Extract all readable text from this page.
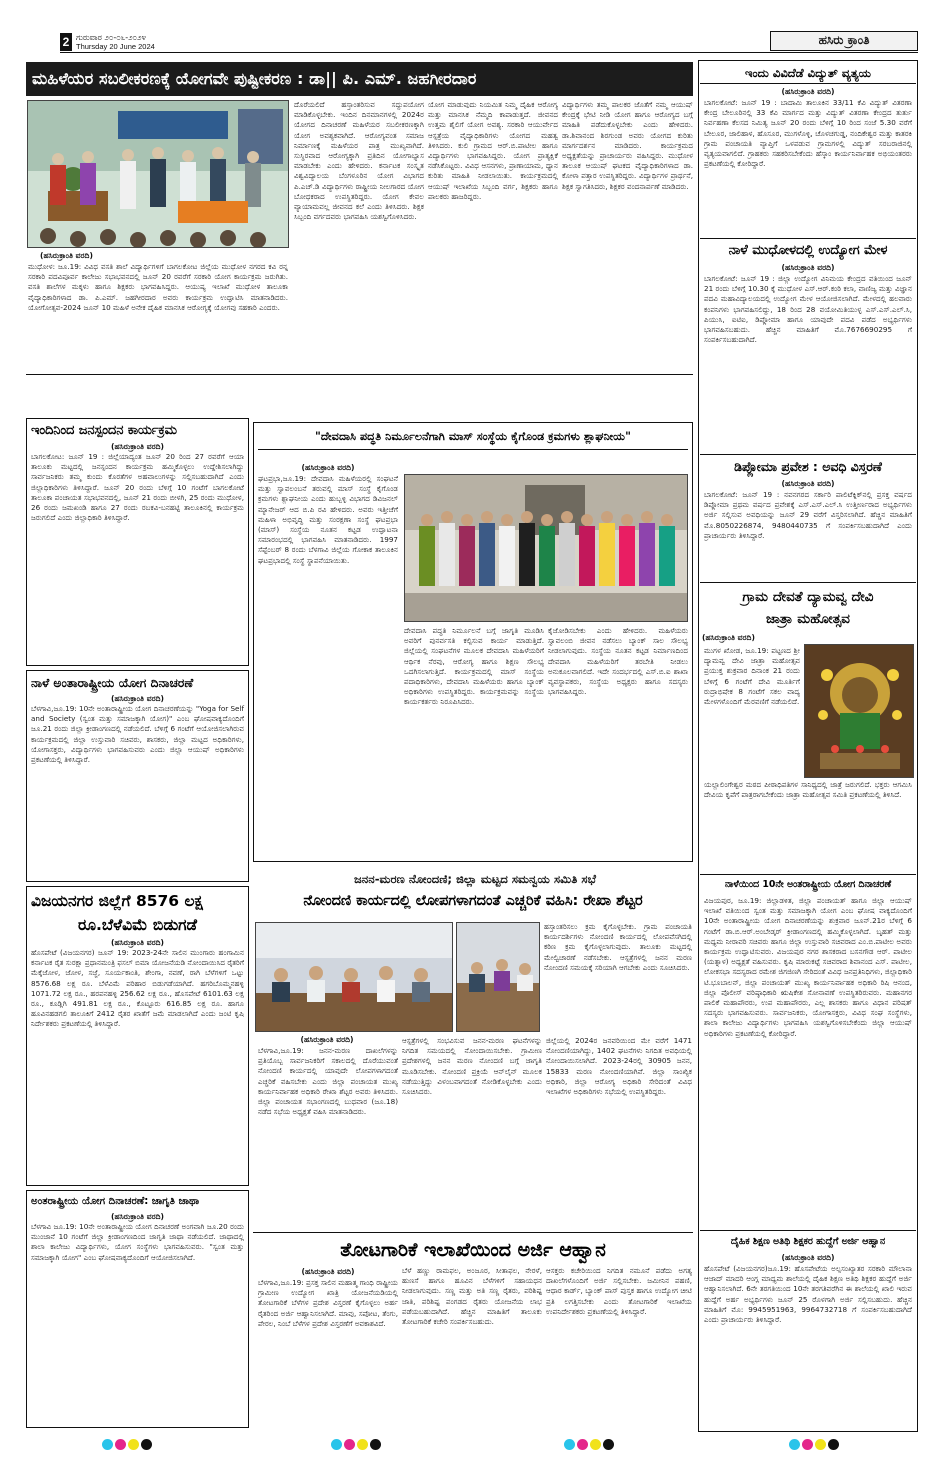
2 ಗುರುವಾರ ೨೦-೦೬-೨೦೨೪
Thursday 20 June 2024	ಹಸಿರು ಕ್ರಾಂತಿ
ಮಹಿಳೆಯರ ಸಬಲೀಕರಣಕ್ಕೆ ಯೋಗವೇ ಪುಷ್ಟೀಕರಣ : ಡಾ|| ಪಿ. ಎಮ್. ಜಹಗೀರದಾರ
(ಹಸಿರುಕ್ರಾಂತಿ ವರದಿ)
ಮುಧೋಳ: ಜೂ.19: ವಿವಿಧ ವಸತಿ ಶಾಲೆ ವಿದ್ಯಾರ್ಥಿಗಳಿಗೆ ಬಾಗಲಕೋಟ ಜಿಲ್ಲೆಯ ಮುಧೋಳ ನಗರದ ಕವಿ ರನ್ನ ಸರಕಾರಿ ಪದವಿಪೂರ್ವ ಕಾಲೇಜು ಸಭಾಭವನದಲ್ಲಿ ಜೂನ್ 20 ರವರೆಗೆ ಸರಕಾರಿ ಯೋಗ ಕಾರ್ಯಕ್ರಮ ಜರುಗಿತು. ವಸತಿ ಶಾಲೆಗಳ ಮಕ್ಕಳು ಹಾಗೂ ಶಿಕ್ಷಕರು ಭಾಗವಹಿಸಿದ್ದರು. ಆಯುಷ್ಯ ಇಲಾಖೆ ಮುಧೋಳ ತಾಲೂಕಾ ವೈದ್ಯಾಧಿಕಾರಿಗಳಾದ ಡಾ. ಪಿ.ಎಮ್. ಜಹಗೀರದಾರ ಅವರು ಕಾರ್ಯಕ್ರಮ ಉದ್ಘಾಟಿಸಿ ಮಾತನಾಡಿದರು. ಯೋಗೋತ್ಸವ-2024 ಜೂನ್ 10 ಮಹಿಳೆ ಅನೇಕ ದೈಹಿಕ ಮಾನಸಿಕ ಆರೋಗ್ಯಕ್ಕೆ ಯೋಗವು ಸಹಕಾರಿ ಎಂದರು.
ದೊರೆಯಲಿದೆ ಹಸ್ತಾಂತರಿಸುವ ಸದ್ದುಪಯೋಗ ಮಾಡಿಕೊಳ್ಳಬೇಕು. ಇಂದಿನ ದಿನಮಾನಗಳಲ್ಲಿ 2024ರ ಯೋಗದ ದಿನಾಚರಣೆ ಮಹಿಳೆಯರ ಸಬಲೀಕರಣಕ್ಕಾಗಿ ಯೋಗ ಅವಶ್ಯಕವಾಗಿದೆ. ಆರೋಗ್ಯವಂತ ಸಮಾಜ ನಿರ್ಮಾಣಕ್ಕೆ ಮಹಿಳೆಯರ ಪಾತ್ರ ಮುಖ್ಯವಾಗಿದೆ. ಸುಸ್ಥಿರವಾದ ಆರೋಗ್ಯಕ್ಕಾಗಿ ಪ್ರತಿದಿನ ಯೋಗಾಭ್ಯಾಸ ಮಾಡಬೇಕು ಎಂದು ಹೇಳಿದರು. ಕರ್ನಾಟಕ ಸಂಸ್ಕೃತ ವಿಶ್ವವಿದ್ಯಾಲಯ ಬೆಂಗಳೂರಿನ ಯೋಗ ವಿಭಾಗದ ಪಿ.ಎಚ್.ಡಿ ವಿದ್ಯಾರ್ಥಿಗಳು ರಾಷ್ಟ್ರೀಯ ನೀಲಗಾರದ ಯೋಗ ಬೋಧಕರಾದ ಉಪಸ್ಥಿತರಿದ್ದರು. ಯೋಗ ಕೇವಲ ವ್ಯಾಯಾಮವಲ್ಲ ಜೀವನದ ಕಲೆ ಎಂದು ತಿಳಿಸಿದರು. ಶಿಕ್ಷಕ ಸಿಬ್ಬಂದಿ ವರ್ಗದವರು ಭಾಗವಹಿಸಿ ಯಶಸ್ವಿಗೊಳಿಸಿದರು.
ಯೋಗ ಮಾಡುವುದು ನಿಯಮಿತ ನಿಮ್ಮ ದೈಹಿಕ ಆರೋಗ್ಯ ಮತ್ತು ಮಾನಸಿಕ ನೆಮ್ಮದಿ ಕಾಪಾಡುತ್ತದೆ. ಜೀವನದ ಉತ್ತಮ ಶೈಲಿಗೆ ಯೋಗ ಅವಶ್ಯ. ಸರಕಾರಿ ಆಯುರ್ವೇದ ಆಸ್ಪತ್ರೆಯ ವೈದ್ಯಾಧಿಕಾರಿಗಳು ಯೋಗದ ಮಹತ್ವ ತಿಳಿಸಿದರು. ಕುಲಿ ಗ್ರಾಮದ ಆರ್.ಬಿ.ಪಾಟೀಲ ಹಾಗೂ ವಿದ್ಯಾರ್ಥಿಗಳು ಭಾಗವಹಿಸಿದ್ದರು. ಯೋಗ ಪ್ರಾತ್ಯಕ್ಷಿಕೆ ನಡೆಸಿಕೊಟ್ಟರು. ವಿವಿಧ ಆಸನಗಳು, ಪ್ರಾಣಾಯಾಮ, ಧ್ಯಾನ ಕುರಿತು ಮಾಹಿತಿ ನೀಡಲಾಯಿತು. ಕಾರ್ಯಕ್ರಮದಲ್ಲಿ ಆಯುಷ್ ಇಲಾಖೆಯ ಸಿಬ್ಬಂದಿ ವರ್ಗ, ಶಿಕ್ಷಕರು ಹಾಗೂ ಪಾಲಕರು ಹಾಜರಿದ್ದರು.
ವಿದ್ಯಾರ್ಥಿಗಳು ತಮ್ಮ ಪಾಲಕರ ಜೊತೆಗೆ ನಮ್ಮ ಆಯುಷ್ ಕೇಂದ್ರಕ್ಕೆ ಭೇಟಿ ನೀಡಿ ಯೋಗ ಹಾಗೂ ಆರೋಗ್ಯದ ಬಗ್ಗೆ ಮಾಹಿತಿ ಪಡೆದುಕೊಳ್ಳಬೇಕು ಎಂದು ಹೇಳಿದರು. ಡಾ.ಶಿವಾನಂದ ಶಿರಗುಂಡ ಅವರು ಯೋಗದ ಕುರಿತು ಮಾರ್ಗದರ್ಶನ ಮಾಡಿದರು. ಕಾರ್ಯಕ್ರಮದ ಅಧ್ಯಕ್ಷತೆಯನ್ನು ಪ್ರಾಚಾರ್ಯರು ವಹಿಸಿದ್ದರು. ಮುಧೋಳ ತಾಲೂಕ ಆಯುಷ್ ಘಟಕದ ವೈದ್ಯಾಧಿಕಾರಿಗಳಾದ ಡಾ. ಕೋಳಾ ಪತ್ತಾರ ಉಪಸ್ಥಿತರಿದ್ದರು. ವಿದ್ಯಾರ್ಥಿಗಳ ಪ್ರಾರ್ಥನೆ, ಶಿಕ್ಷಕ ಸ್ವಾಗತಿಸಿದರು, ಶಿಕ್ಷಕರ ವಂದನಾರ್ಪಣೆ ಮಾಡಿದರು.
ಇಂದಿನಿಂದ ಜನಸ್ಪಂದನ ಕಾರ್ಯಕ್ರಮ
(ಹಸಿರುಕ್ರಾಂತಿ ವರದಿ)
ಬಾಗಲಕೋಟ: ಜೂನ್ 19 : ಜಿಲ್ಲೆಯಾದ್ಯಂತ ಜೂನ್ 20 ರಿಂದ 27 ರವರೆಗೆ ಆಯಾ ತಾಲೂಕು ಮಟ್ಟದಲ್ಲಿ ಜನಸ್ಪಂದನ ಕಾರ್ಯಕ್ರಮ ಹಮ್ಮಿಕೊಳ್ಳಲು ಉದ್ದೇಶಿಸಲಾಗಿದ್ದು ಸಾರ್ವಜನಿಕರು ತಮ್ಮ ಕುಂದು ಕೊರತೆಗಳ ಅಹವಾಲುಗಳನ್ನು ಸಲ್ಲಿಸಬಹುದಾಗಿದೆ ಎಂದು ಜಿಲ್ಲಾಧಿಕಾರಿಗಳು ತಿಳಿಸಿದ್ದಾರೆ. ಜೂನ್ 20 ರಂದು ಬೆಳಿಗ್ಗೆ 10 ಗಂಟೆಗೆ ಬಾಗಲಕೋಟೆ ತಾಲೂಕಾ ಪಂಚಾಯತ ಸಭಾಭವನದಲ್ಲಿ, ಜೂನ್ 21 ರಂದು ಬೀಳಗಿ, 25 ರಂದು ಮುಧೋಳ, 26 ರಂದು ಜಮಖಂಡಿ ಹಾಗೂ 27 ರಂದು ರಬಕವಿ-ಬನಹಟ್ಟಿ ತಾಲೂಕಿನಲ್ಲಿ ಕಾರ್ಯಕ್ರಮ ಜರುಗಲಿದೆ ಎಂದು ಜಿಲ್ಲಾಧಿಕಾರಿ ತಿಳಿಸಿದ್ದಾರೆ.
ನಾಳೆ ಅಂತಾರಾಷ್ಟ್ರೀಯ ಯೋಗ ದಿನಾಚರಣೆ
(ಹಸಿರುಕ್ರಾಂತಿ ವರದಿ)
ಬೆಳಗಾವಿ,ಜೂ.19: 10ನೇ ಅಂತಾರಾಷ್ಟ್ರೀಯ ಯೋಗ ದಿನಾಚರಣೆಯನ್ನು "Yoga for Self and Society (ಸ್ವಂತ ಮತ್ತು ಸಮಾಜಕ್ಕಾಗಿ ಯೋಗ)" ಎಂಬ ಘೋಷವಾಕ್ಯದೊಂದಿಗೆ ಜೂ.21 ರಂದು ಜಿಲ್ಲಾ ಕ್ರೀಡಾಂಗಣದಲ್ಲಿ ನಡೆಯಲಿದೆ. ಬೆಳಿಗ್ಗೆ 6 ಗಂಟೆಗೆ ಆಯೋಜಿಸಲಾಗಿರುವ ಕಾರ್ಯಕ್ರಮದಲ್ಲಿ ಜಿಲ್ಲಾ ಉಸ್ತುವಾರಿ ಸಚಿವರು, ಶಾಸಕರು, ಜಿಲ್ಲಾ ಮಟ್ಟದ ಅಧಿಕಾರಿಗಳು, ಯೋಗಾಸಕ್ತರು, ವಿದ್ಯಾರ್ಥಿಗಳು ಭಾಗವಹಿಸುವರು ಎಂದು ಜಿಲ್ಲಾ ಆಯುಷ್ ಅಧಿಕಾರಿಗಳು ಪ್ರಕಟಣೆಯಲ್ಲಿ ತಿಳಿಸಿದ್ದಾರೆ.
ವಿಜಯನಗರ ಜಿಲ್ಲೆಗೆ 8576 ಲಕ್ಷ
ರೂ.ಬೆಳೆವಿಮೆ ಬಿಡುಗಡೆ
(ಹಸಿರುಕ್ರಾಂತಿ ವರದಿ)
ಹೊಸಪೇಟೆ (ವಿಜಯನಗರ) ಜೂನ್ 19: 2023-24ನೇ ಸಾಲಿನ ಮುಂಗಾರು ಹಂಗಾಮಿನ ಕರ್ನಾಟಕ ರೈತ ಸುರಕ್ಷಾ ಪ್ರಧಾನಮಂತ್ರಿ ಫಸಲ್ ಬಿಮಾ ಯೋಜನೆಯಡಿ ನೋಂದಾಯಿಸಿದ ರೈತರಿಗೆ ಮೆಕ್ಕೆಜೋಳ, ಜೋಳ, ಸಜ್ಜೆ, ಸೂರ್ಯಕಾಂತಿ, ಶೇಂಗಾ, ನವಣೆ, ರಾಗಿ ಬೆಳೆಗಳಿಗೆ ಒಟ್ಟು 8576.68 ಲಕ್ಷ ರೂ. ಬೆಳೆವಿಮೆ ಪರಿಹಾರ ಬಿಡುಗಡೆಯಾಗಿದೆ. ಹಗರಿಬೊಮ್ಮನಹಳ್ಳಿ 1071.72 ಲಕ್ಷ ರೂ., ಹರಪನಹಳ್ಳಿ 256.62 ಲಕ್ಷ ರೂ., ಹೊಸಪೇಟೆ 6101.63 ಲಕ್ಷ ರೂ., ಕೂಡ್ಲಿಗಿ 491.81 ಲಕ್ಷ ರೂ., ಕೊಟ್ಟೂರು 616.85 ಲಕ್ಷ ರೂ. ಹಾಗೂ ಹೂವಿನಹಡಗಲಿ ತಾಲೂಕಿಗೆ 2412 ರೈತರ ಖಾತೆಗೆ ಜಮೆ ಮಾಡಲಾಗಿದೆ ಎಂದು ಜಂಟಿ ಕೃಷಿ ನಿರ್ದೇಶಕರು ಪ್ರಕಟಣೆಯಲ್ಲಿ ತಿಳಿಸಿದ್ದಾರೆ.
ಅಂತರಾಷ್ಟ್ರೀಯ ಯೋಗ ದಿನಾಚರಣೆ: ಜಾಗೃತಿ ಜಾಥಾ
(ಹಸಿರುಕ್ರಾಂತಿ ವರದಿ)
ಬೆಳಗಾವಿ ಜೂ.19: 10ನೇ ಅಂತಾರಾಷ್ಟ್ರೀಯ ಯೋಗ ದಿನಾಚರಣೆ ಅಂಗವಾಗಿ ಜೂ.20 ರಂದು ಮುಂಜಾನೆ 10 ಗಂಟೆಗೆ ಜಿಲ್ಲಾ ಕ್ರೀಡಾಂಗಣದಿಂದ ಜಾಗೃತಿ ಜಾಥಾ ನಡೆಯಲಿದೆ. ಜಾಥಾದಲ್ಲಿ ಶಾಲಾ ಕಾಲೇಜು ವಿದ್ಯಾರ್ಥಿಗಳು, ಯೋಗ ಸಂಸ್ಥೆಗಳು ಭಾಗವಹಿಸುವರು. "ಸ್ವಂತ ಮತ್ತು ಸಮಾಜಕ್ಕಾಗಿ ಯೋಗ" ಎಂಬ ಘೋಷವಾಕ್ಯದೊಂದಿಗೆ ಆಯೋಜಿಸಲಾಗಿದೆ.
"ದೇವದಾಸಿ ಪದ್ಧತಿ ನಿರ್ಮೂಲನೆಗಾಗಿ ಮಾಸ್ ಸಂಸ್ಥೆಯ ಕೈಗೊಂಡ ಕ್ರಮಗಳು ಶ್ಲಾಘನೀಯ"
(ಹಸಿರುಕ್ರಾಂತಿ ವರದಿ)
ಘಟಪ್ರಭಾ,ಜೂ.19: ದೇವದಾಸಿ ಮಹಿಳೆಯರಲ್ಲಿ ಸಂಘಟನೆ ಮತ್ತು ಸ್ವಾವಲಂಬನೆ ತರುವಲ್ಲಿ ಮಾಸ್ ಸಂಸ್ಥೆ ಕೈಗೊಂಡ ಕ್ರಮಗಳು ಶ್ಲಾಘನೀಯ ಎಂದು ಹುಬ್ಬಳ್ಳಿ ವಿಭಾಗದ ಡಿವಿಜನಲ್ ಮ್ಯಾನೇಜರ್ ಆದ ಬಿ.ಪಿ ರವಿ ಹೇಳಿದರು. ಅವರು ಇತ್ತೀಚೆಗೆ ಮಹಿಳಾ ಅಭಿವೃದ್ಧಿ ಮತ್ತು ಸಂರಕ್ಷಣಾ ಸಂಸ್ಥೆ ಘಟಪ್ರಭಾ (ಮಾಸ್) ಸಂಸ್ಥೆಯ ನೂತನ ಕಟ್ಟಡ ಉದ್ಘಾಟನಾ ಸಮಾರಂಭದಲ್ಲಿ ಭಾಗವಹಿಸಿ ಮಾತನಾಡಿದರು. 1997 ಸೆಪ್ಟೆಂಬರ್ 8 ರಂದು ಬೆಳಗಾವಿ ಜಿಲ್ಲೆಯ ಗೋಕಾಕ ತಾಲೂಕಿನ ಘಟಪ್ರಭಾದಲ್ಲಿ ಸಂಸ್ಥೆ ಸ್ಥಾಪನೆಯಾಯಿತು.
ದೇವದಾಸಿ ಪದ್ಧತಿ ನಿರ್ಮೂಲನೆ ಬಗ್ಗೆ ಜಾಗೃತಿ ಮೂಡಿಸಿ ಅವರಿಗೆ ಪುನರ್ವಸತಿ ಕಲ್ಪಿಸುವ ಕಾರ್ಯ ಮಾಡುತ್ತಿದೆ. ಜಿಲ್ಲೆಯಲ್ಲಿ ಸಂಘಟನೆಗಳ ಮೂಲಕ ದೇವದಾಸಿ ಮಹಿಳೆಯರಿಗೆ ಆರ್ಥಿಕ ನೆರವು, ಆರೋಗ್ಯ ಹಾಗೂ ಶಿಕ್ಷಣ ಸೌಲಭ್ಯ ಒದಗಿಸಲಾಗುತ್ತಿದೆ. ಕಾರ್ಯಕ್ರಮದಲ್ಲಿ ಮಾಸ್ ಸಂಸ್ಥೆಯ ಪದಾಧಿಕಾರಿಗಳು, ದೇವದಾಸಿ ಮಹಿಳೆಯರು ಹಾಗೂ ಬ್ಯಾಂಕ್ ಅಧಿಕಾರಿಗಳು ಉಪಸ್ಥಿತರಿದ್ದರು. ಕಾರ್ಯಕ್ರಮವನ್ನು ಸಂಸ್ಥೆಯ ಕಾರ್ಯಕರ್ತರು ನಿರೂಪಿಸಿದರು.
ಕೈಜೋಡಿಸಬೇಕು ಎಂದು ಹೇಳಿದರು. ಮಹಿಳೆಯರು ಸ್ವಾವಲಂಬಿ ಜೀವನ ನಡೆಸಲು ಬ್ಯಾಂಕ್ ಸಾಲ ಸೌಲಭ್ಯ ನೀಡಲಾಗುವುದು. ಸಂಸ್ಥೆಯ ನೂತನ ಕಟ್ಟಡ ನಿರ್ಮಾಣದಿಂದ ದೇವದಾಸಿ ಮಹಿಳೆಯರಿಗೆ ತರಬೇತಿ ನೀಡಲು ಅನುಕೂಲವಾಗಲಿದೆ. ಇದೇ ಸಂದರ್ಭದಲ್ಲಿ ಎಸ್.ಬಿ.ಐ ಶಾಖಾ ವ್ಯವಸ್ಥಾಪಕರು, ಸಂಸ್ಥೆಯ ಅಧ್ಯಕ್ಷರು ಹಾಗೂ ಸದಸ್ಯರು ಭಾಗವಹಿಸಿದ್ದರು.
ಜನನ-ಮರಣ ನೋಂದಣಿ; ಜಿಲ್ಲಾ ಮಟ್ಟದ ಸಮನ್ವಯ ಸಮಿತಿ ಸಭೆ
ನೋಂದಣಿ ಕಾರ್ಯದಲ್ಲಿ ಲೋಪಗಳಾಗದಂತೆ ಎಚ್ಚರಿಕೆ ವಹಿಸಿ: ರೇಖಾ ಶೆಟ್ಟರ
ಹಸ್ತಾಂತರಿಸಲು ಕ್ರಮ ಕೈಗೊಳ್ಳಬೇಕು. ಗ್ರಾಮ ಪಂಚಾಯತಿ ಕಾರ್ಯದರ್ಶಿಗಳು ನೋಂದಣಿ ಕಾರ್ಯದಲ್ಲಿ ಲೋಪವೆಸಗಿದಲ್ಲಿ ಕಠಿಣ ಕ್ರಮ ಕೈಗೊಳ್ಳಲಾಗುವುದು. ತಾಲೂಕು ಮಟ್ಟದಲ್ಲಿ ಮೇಲ್ವಿಚಾರಣೆ ನಡೆಸಬೇಕು. ಆಸ್ಪತ್ರೆಗಳಲ್ಲಿ ಜನನ ಮರಣ ನೋಂದಣಿ ಸಮಯಕ್ಕೆ ಸರಿಯಾಗಿ ಆಗಬೇಕು ಎಂದು ಸೂಚಿಸಿದರು.
(ಹಸಿರುಕ್ರಾಂತಿ ವರದಿ)
ಬೆಳಗಾವಿ,ಜೂ.19: ಜನನ-ಮರಣ ದಾಖಲೆಗಳನ್ನು ಪ್ರತಿಯೊಬ್ಬ ಸಾರ್ವಜನಿಕರಿಗೆ ಸಕಾಲದಲ್ಲಿ ದೊರೆಯುವಂತೆ ನೋಂದಣಿ ಕಾರ್ಯದಲ್ಲಿ ಯಾವುದೇ ಲೋಪಗಳಾಗದಂತೆ ಎಚ್ಚರಿಕೆ ವಹಿಸಬೇಕು ಎಂದು ಜಿಲ್ಲಾ ಪಂಚಾಯತ ಮುಖ್ಯ ಕಾರ್ಯನಿರ್ವಾಹಕ ಅಧಿಕಾರಿ ರೇಖಾ ಶೆಟ್ಟರ ಅವರು ತಿಳಿಸಿದರು. ಜಿಲ್ಲಾ ಪಂಚಾಯತ ಸಭಾಂಗಣದಲ್ಲಿ ಬುಧವಾರ (ಜೂ.18) ನಡೆದ ಸಭೆಯ ಅಧ್ಯಕ್ಷತೆ ವಹಿಸಿ ಮಾತನಾಡಿದರು.
ಆಸ್ಪತ್ರೆಗಳಲ್ಲಿ ಸಂಭವಿಸುವ ಜನನ-ಮರಣ ಘಟನೆಗಳನ್ನು ನಿಗದಿತ ಸಮಯದಲ್ಲಿ ನೋಂದಾಯಿಸಬೇಕು. ಗ್ರಾಮೀಣ ಪ್ರದೇಶಗಳಲ್ಲಿ ಜನನ ಮರಣ ನೋಂದಣಿ ಬಗ್ಗೆ ಜಾಗೃತಿ ಮೂಡಿಸಬೇಕು. ನೋಂದಣಿ ಪ್ರಕ್ರಿಯೆ ಆನ್‌ಲೈನ್ ಮೂಲಕ ನಡೆಯುತ್ತಿದ್ದು ವಿಳಂಬವಾಗದಂತೆ ನೋಡಿಕೊಳ್ಳಬೇಕು ಎಂದು ಸೂಚಿಸಿದರು.
ಜಿಲ್ಲೆಯಲ್ಲಿ 2024ರ ಜನವರಿಯಿಂದ ಮೇ ವರೆಗೆ 1471 ನೋಂದಣಿಯಾಗಿದ್ದು, 1402 ಘಟನೆಗಳು ನಿಗದಿತ ಅವಧಿಯಲ್ಲಿ ನೋಂದಾಯಿಸಲಾಗಿದೆ. 2023-24ರಲ್ಲಿ 30905 ಜನನ, 15833 ಮರಣ ನೋಂದಣಿಯಾಗಿವೆ. ಜಿಲ್ಲಾ ಸಾಂಖ್ಯಿಕ ಅಧಿಕಾರಿ, ಜಿಲ್ಲಾ ಆರೋಗ್ಯ ಅಧಿಕಾರಿ ಸೇರಿದಂತೆ ವಿವಿಧ ಇಲಾಖೆಗಳ ಅಧಿಕಾರಿಗಳು ಸಭೆಯಲ್ಲಿ ಉಪಸ್ಥಿತರಿದ್ದರು.
ತೋಟಗಾರಿಕೆ ಇಲಾಖೆಯಿಂದ ಅರ್ಜಿ ಆಹ್ವಾನ
(ಹಸಿರುಕ್ರಾಂತಿ ವರದಿ)
ಬೆಳಗಾವಿ,ಜೂ.19: ಪ್ರಸಕ್ತ ಸಾಲಿನ ಮಹಾತ್ಮ ಗಾಂಧಿ ರಾಷ್ಟ್ರೀಯ ಗ್ರಾಮೀಣ ಉದ್ಯೋಗ ಖಾತ್ರಿ ಯೋಜನೆಯಡಿಯಲ್ಲಿ ತೋಟಗಾರಿಕೆ ಬೆಳೆಗಳ ಪ್ರದೇಶ ವಿಸ್ತರಣೆ ಕೈಗೊಳ್ಳಲು ಅರ್ಹ ರೈತರಿಂದ ಅರ್ಜಿ ಆಹ್ವಾನಿಸಲಾಗಿದೆ. ಮಾವು, ಸಪೋಟ, ತೆಂಗು, ಪೇರಲ, ನಿಂಬೆ ಬೆಳೆಗಳ ಪ್ರದೇಶ ವಿಸ್ತರಣೆಗೆ ಅವಕಾಶವಿದೆ.
ಬೆಳೆ ಹಣ್ಣು ರಾಮಫಲ, ಅಂಜೂರ, ಸೀತಾಫಲ, ನೇರಳೆ, ಹುಣಸೆ ಹಾಗೂ ಹೂವಿನ ಬೆಳೆಗಳಿಗೆ ಸಹಾಯಧನ ನೀಡಲಾಗುವುದು. ಸಣ್ಣ ಮತ್ತು ಅತಿ ಸಣ್ಣ ರೈತರು, ಪರಿಶಿಷ್ಟ ಜಾತಿ, ಪರಿಶಿಷ್ಟ ಪಂಗಡದ ರೈತರು ಯೋಜನೆಯ ಲಾಭ ಪಡೆಯಬಹುದಾಗಿದೆ. ಹೆಚ್ಚಿನ ಮಾಹಿತಿಗೆ ತಾಲೂಕು ತೋಟಗಾರಿಕೆ ಕಚೇರಿ ಸಂಪರ್ಕಿಸಬಹುದು.
ಆಸಕ್ತರು ಕಚೇರಿಯಿಂದ ನಿಗದಿತ ನಮೂನೆ ಪಡೆದು ಅಗತ್ಯ ದಾಖಲೆಗಳೊಂದಿಗೆ ಅರ್ಜಿ ಸಲ್ಲಿಸಬೇಕು. ಜಮೀನಿನ ಪಹಣಿ, ಆಧಾರ ಕಾರ್ಡ್, ಬ್ಯಾಂಕ್ ಪಾಸ್ ಪುಸ್ತಕ ಹಾಗೂ ಉದ್ಯೋಗ ಚೀಟಿ ಪ್ರತಿ ಲಗತ್ತಿಸಬೇಕು ಎಂದು ತೋಟಗಾರಿಕೆ ಇಲಾಖೆಯ ಉಪನಿರ್ದೇಶಕರು ಪ್ರಕಟಣೆಯಲ್ಲಿ ತಿಳಿಸಿದ್ದಾರೆ.
ಇಂದು ವಿವಿದೆಡೆ ವಿದ್ಯುತ್ ವ್ಯತ್ಯಯ
(ಹಸಿರುಕ್ರಾಂತಿ ವರದಿ)
ಬಾಗಲಕೋಟೆ: ಜೂನ್ 19 : ಬಾದಾಮಿ ತಾಲೂಕಿನ 33/11 ಕೆವಿ ವಿದ್ಯುತ್ ವಿತರಣಾ ಕೇಂದ್ರ ಬೇಲೂರಿನಲ್ಲಿ 33 ಕೆವಿ ಮಾರ್ಗದ ಮತ್ತು ವಿದ್ಯುತ್ ವಿತರಣಾ ಕೇಂದ್ರದ ತುರ್ತು ನಿರ್ವಹಣಾ ಕೆಲಸದ ನಿಮಿತ್ಯ ಜೂನ್ 20 ರಂದು ಬೆಳಿಗ್ಗೆ 10 ರಿಂದ ಸಂಜೆ 5.30 ವರೆಗೆ ಬೇಲೂರ, ಜಾಲಿಹಾಳ, ಹೊಸೂರ, ಮುಗಳೊಳ್ಳಿ, ಚೊಳಚಗುಡ್ಡ, ನಂದಿಕೇಶ್ವರ ಮತ್ತು ಕಾತರಕಿ ಗ್ರಾಮ ಪಂಚಾಯತಿ ವ್ಯಾಪ್ತಿಗೆ ಒಳಪಡುವ ಗ್ರಾಮಗಳಲ್ಲಿ ವಿದ್ಯುತ್ ಸರಬರಾಜಿನಲ್ಲಿ ವ್ಯತ್ಯಯವಾಗಲಿದೆ. ಗ್ರಾಹಕರು ಸಹಕರಿಸಬೇಕೆಂದು ಹೆಸ್ಕಾಂ ಕಾರ್ಯನಿರ್ವಾಹಕ ಅಭಿಯಂತರರು ಪ್ರಕಟಣೆಯಲ್ಲಿ ಕೋರಿದ್ದಾರೆ.
ನಾಳೆ ಮುಧೋಳದಲ್ಲಿ ಉದ್ಯೋಗ ಮೇಳ
(ಹಸಿರುಕ್ರಾಂತಿ ವರದಿ)
ಬಾಗಲಕೋಟೆ: ಜೂನ್ 19 : ಜಿಲ್ಲಾ ಉದ್ಯೋಗ ವಿನಿಮಯ ಕೇಂದ್ರದ ವತಿಯಿಂದ ಜೂನ್ 21 ರಂದು ಬೆಳಿಗ್ಗೆ 10.30 ಕ್ಕೆ ಮುಧೋಳ ಎಸ್.ಆರ್.ಕಂಠಿ ಕಲಾ, ವಾಣಿಜ್ಯ ಮತ್ತು ವಿಜ್ಞಾನ ಪದವಿ ಮಹಾವಿದ್ಯಾಲಯದಲ್ಲಿ ಉದ್ಯೋಗ ಮೇಳ ಆಯೋಜಿಸಲಾಗಿದೆ. ಮೇಳದಲ್ಲಿ ಹಲವಾರು ಕಂಪನಿಗಳು ಭಾಗವಹಿಸಲಿದ್ದು, 18 ರಿಂದ 28 ವಯೋಮಿತಿಯುಳ್ಳ ಎಸ್.ಎಸ್.ಎಲ್.ಸಿ, ಪಿಯುಸಿ, ಐಟಿಐ, ಡಿಪ್ಲೋಮಾ ಹಾಗೂ ಯಾವುದೇ ಪದವಿ ಪಡೆದ ಅಭ್ಯರ್ಥಿಗಳು ಭಾಗವಹಿಸಬಹುದು. ಹೆಚ್ಚಿನ ಮಾಹಿತಿಗೆ ಮೊ.7676690295 ಗೆ ಸಂಪರ್ಕಿಸಬಹುದಾಗಿದೆ.
ಡಿಪ್ಲೋಮಾ ಪ್ರವೇಶ : ಅವಧಿ ವಿಸ್ತರಣೆ
(ಹಸಿರುಕ್ರಾಂತಿ ವರದಿ)
ಬಾಗಲಕೋಟೆ: ಜೂನ್ 19 : ನವನಗರದ ಸರ್ಕಾರಿ ಪಾಲಿಟೆಕ್ನಿಕ್‌ನಲ್ಲಿ ಪ್ರಸಕ್ತ ವರ್ಷದ ಡಿಪ್ಲೋಮಾ ಪ್ರಥಮ ವರ್ಷದ ಪ್ರವೇಶಕ್ಕೆ ಎಸ್.ಎಸ್.ಎಲ್.ಸಿ ಉತ್ತೀರ್ಣರಾದ ಅಭ್ಯರ್ಥಿಗಳು ಅರ್ಜಿ ಸಲ್ಲಿಸುವ ಅವಧಿಯನ್ನು ಜೂನ್ 29 ವರೆಗೆ ವಿಸ್ತರಿಸಲಾಗಿದೆ. ಹೆಚ್ಚಿನ ಮಾಹಿತಿಗೆ ಮೊ.8050226874, 9480440735 ಗೆ ಸಂಪರ್ಕಿಸಬಹುದಾಗಿದೆ ಎಂದು ಪ್ರಾಚಾರ್ಯರು ತಿಳಿಸಿದ್ದಾರೆ.
ಗ್ರಾಮ ದೇವತೆ ದ್ಯಾಮವ್ವ ದೇವಿ
ಜಾತ್ರಾ ಮಹೋತ್ಸವ
(ಹಸಿರುಕ್ರಾಂತಿ ವರದಿ)
ಮುಗಳ ಖೋಡ, ಜೂ.19: ಪಟ್ಟಣದ ಶ್ರೀ ದ್ಯಾಮವ್ವ ದೇವಿ ಜಾತ್ರಾ ಮಹೋತ್ಸವ ಪ್ರಯುಕ್ತ ಶುಕ್ರವಾರ ದಿನಾಂಕ 21 ರಂದು ಬೆಳಿಗ್ಗೆ 6 ಗಂಟೆಗೆ ದೇವಿ ಮೂರ್ತಿಗೆ ರುದ್ರಾಭಿಷೇಕ 8 ಗಂಟೆಗೆ ಸಕಲ ವಾದ್ಯ ಮೇಳಗಳೊಂದಿಗೆ ಮೆರವಣಿಗೆ ನಡೆಯಲಿದೆ.
ಯಲ್ಲಾಲಿಂಗೇಶ್ವರ ಮಠದ ಪೀಠಾಧಿಪತಿಗಳ ಸಾನಿಧ್ಯದಲ್ಲಿ ಜಾತ್ರೆ ಜರುಗಲಿದೆ. ಭಕ್ತರು ಆಗಮಿಸಿ ದೇವಿಯ ಕೃಪೆಗೆ ಪಾತ್ರರಾಗಬೇಕೆಂದು ಜಾತ್ರಾ ಮಹೋತ್ಸವ ಸಮಿತಿ ಪ್ರಕಟಣೆಯಲ್ಲಿ ತಿಳಿಸಿದೆ.
ನಾಳೆಯಿಂದ 10ನೇ ಅಂತರಾಷ್ಟ್ರೀಯ ಯೋಗ ದಿನಾಚರಣೆ
ವಿಜಯಪುರ, ಜೂ.19: ಜಿಲ್ಲಾಡಳಿತ, ಜಿಲ್ಲಾ ಪಂಚಾಯತ್ ಹಾಗೂ ಜಿಲ್ಲಾ ಆಯುಷ್ ಇಲಾಖೆ ವತಿಯಿಂದ ಸ್ವಂತ ಮತ್ತು ಸಮಾಜಕ್ಕಾಗಿ ಯೋಗ ಎಂಬ ಘೋಷ ವಾಕ್ಯದೊಂದಿಗೆ 10ನೇ ಅಂತಾರಾಷ್ಟ್ರೀಯ ಯೋಗ ದಿನಾಚರಣೆಯನ್ನು ಶುಕ್ರವಾರ ಜೂನ್.21ರ ಬೆಳಿಗ್ಗೆ 6 ಗಂಟೆಗೆ ಡಾ.ಬಿ.ಆರ್.ಅಂಬೇಡ್ಕರ್ ಕ್ರೀಡಾಂಗಣದಲ್ಲಿ ಹಮ್ಮಿಕೊಳ್ಳಲಾಗಿದೆ. ಬೃಹತ್ ಮತ್ತು ಮಧ್ಯಮ ನೀರಾವರಿ ಸಚಿವರು ಹಾಗೂ ಜಿಲ್ಲಾ ಉಸ್ತುವಾರಿ ಸಚಿವರಾದ ಎಂ.ಬಿ.ಪಾಟೀಲ ಅವರು ಕಾರ್ಯಕ್ರಮ ಉದ್ಘಾಟಿಸುವರು. ವಿಜಯಪುರ ನಗರ ಶಾಸಕರಾದ ಬಸನಗೌಡ ಆರ್. ಪಾಟೀಲ (ಯತ್ನಾಳ) ಅಧ್ಯಕ್ಷತೆ ವಹಿಸುವರು. ಕೃಷಿ ಮಾರುಕಟ್ಟೆ ಸಚಿವರಾದ ಶಿವಾನಂದ ಎಸ್. ಪಾಟೀಲ, ಲೋಕಸಭಾ ಸದಸ್ಯರಾದ ರಮೇಶ ಜಿಗಜಿಣಗಿ ಸೇರಿದಂತೆ ವಿವಿಧ ಜನಪ್ರತಿನಿಧಿಗಳು, ಜಿಲ್ಲಾಧಿಕಾರಿ ಟಿ.ಭೂಬಾಲನ್, ಜಿಲ್ಲಾ ಪಂಚಾಯತ್ ಮುಖ್ಯ ಕಾರ್ಯನಿರ್ವಾಹಕ ಅಧಿಕಾರಿ ರಿಷಿ ಆನಂದ, ಜಿಲ್ಲಾ ಪೊಲೀಸ್ ವರಿಷ್ಠಾಧಿಕಾರಿ ಋಷಿಕೇಶ ಸೋನಾವಣೆ ಉಪಸ್ಥಿತರಿರುವರು. ಮಹಾನಗರ ಪಾಲಿಕೆ ಮಹಾಪೌರರು, ಉಪ ಮಹಾಪೌರರು, ಎಲ್ಲ ಶಾಸಕರು ಹಾಗೂ ವಿಧಾನ ಪರಿಷತ್ ಸದಸ್ಯರು ಭಾಗವಹಿಸುವರು. ಸಾರ್ವಜನಿಕರು, ಯೋಗಾಸಕ್ತರು, ವಿವಿಧ ಸಂಘ ಸಂಸ್ಥೆಗಳು, ಶಾಲಾ ಕಾಲೇಜು ವಿದ್ಯಾರ್ಥಿಗಳು ಭಾಗವಹಿಸಿ ಯಶಸ್ವಿಗೊಳಿಸಬೇಕೆಂದು ಜಿಲ್ಲಾ ಆಯುಷ್ ಅಧಿಕಾರಿಗಳು ಪ್ರಕಟಣೆಯಲ್ಲಿ ಕೋರಿದ್ದಾರೆ.
ದೈಹಿಕ ಶಿಕ್ಷಣ ಅತಿಥಿ ಶಿಕ್ಷಕರ ಹುದ್ದೆಗೆ ಅರ್ಜಿ ಆಹ್ವಾನ
(ಹಸಿರುಕ್ರಾಂತಿ ವರದಿ)
ಹೊಸಪೇಟೆ (ವಿಜಯನಗರ)ಜೂ.19: ಹೊಸಪೇಟೆಯ ಅಲ್ಪಸಂಖ್ಯಾತರ ಸರಕಾರಿ ಮೌಲಾನಾ ಆಜಾದ್ ಮಾದರಿ ಆಂಗ್ಲ ಮಾಧ್ಯಮ ಶಾಲೆಯಲ್ಲಿ ದೈಹಿಕ ಶಿಕ್ಷಣ ಅತಿಥಿ ಶಿಕ್ಷಕರ ಹುದ್ದೆಗೆ ಅರ್ಜಿ ಆಹ್ವಾನಿಸಲಾಗಿದೆ. 6ನೇ ತರಗತಿಯಿಂದ 10ನೇ ತರಗತಿವರೆಗಿನ ಈ ಶಾಲೆಯಲ್ಲಿ ಖಾಲಿ ಇರುವ ಹುದ್ದೆಗೆ ಅರ್ಹ ಅಭ್ಯರ್ಥಿಗಳು ಜೂನ್ 25 ರೊಳಗಾಗಿ ಅರ್ಜಿ ಸಲ್ಲಿಸಬಹುದು. ಹೆಚ್ಚಿನ ಮಾಹಿತಿಗೆ ಮೊ: 9945951963, 9964732718 ಗೆ ಸಂಪರ್ಕಿಸಬಹುದಾಗಿದೆ ಎಂದು ಪ್ರಾಚಾರ್ಯರು ತಿಳಿಸಿದ್ದಾರೆ.
